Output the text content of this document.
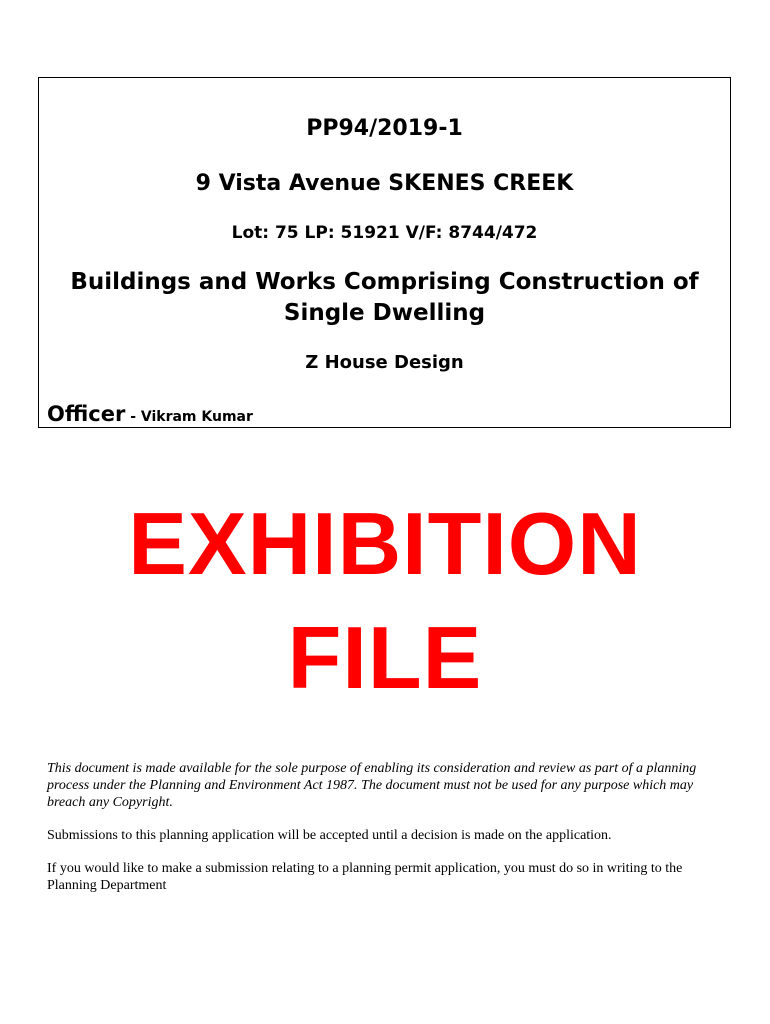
PP94/2019-1
9 Vista Avenue SKENES CREEK
Lot: 75 LP: 51921 V/F: 8744/472
Buildings and Works Comprising Construction of Single Dwelling
Z House Design
Officer - Vikram Kumar
EXHIBITION
FILE

This document is made available for the sole purpose of enabling its consideration and review as part of a planning process under the Planning and Environment Act 1987. The document must not be used for any purpose which may breach any Copyright.

Submissions to this planning application will be accepted until a decision is made on the application.

If you would like to make a submission relating to a planning permit application, you must do so in writing to the Planning Department
